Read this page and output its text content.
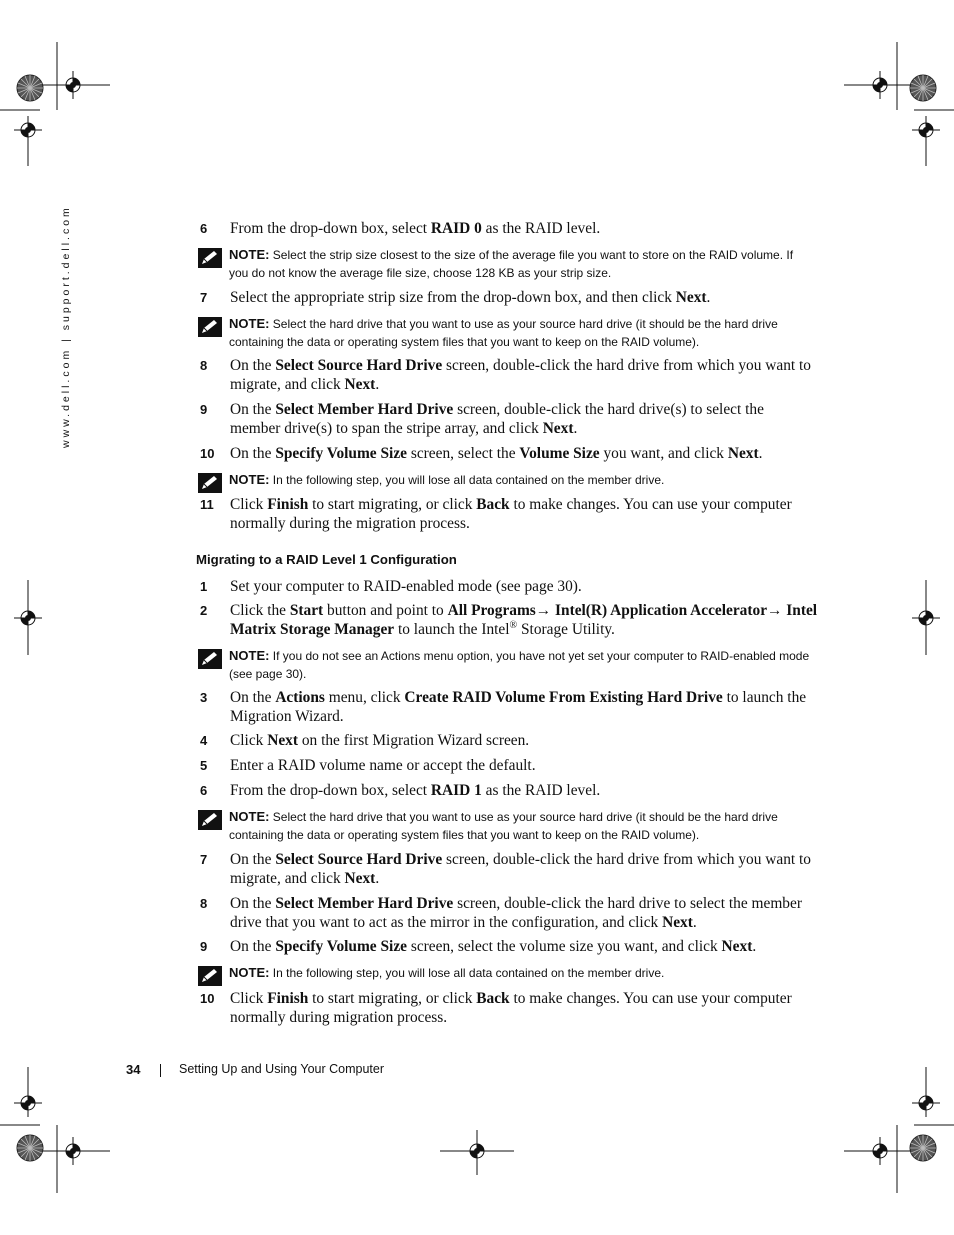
www.dell.com | support.dell.com	6	From the drop-down box, select RAID 0 as the RAID level.
NOTE: Select the strip size closest to the size of the average file you want to store on the RAID volume. If you do not know the average file size, choose 128 KB as your strip size.
7	Select the appropriate strip size from the drop-down box, and then click Next.
NOTE: Select the hard drive that you want to use as your source hard drive (it should be the hard drive containing the data or operating system files that you want to keep on the RAID volume).
8	On the Select Source Hard Drive screen, double-click the hard drive from which you want to migrate, and click Next.
9	On the Select Member Hard Drive screen, double-click the hard drive(s) to select the member drive(s) to span the stripe array, and click Next.
10	On the Specify Volume Size screen, select the Volume Size you want, and click Next.
NOTE: In the following step, you will lose all data contained on the member drive.
11	Click Finish to start migrating, or click Back to make changes. You can use your computer normally during the migration process.
Migrating to a RAID Level 1 Configuration
1	Set your computer to RAID-enabled mode (see page 30).
2	Click the Start button and point to All Programs→ Intel(R) Application Accelerator→ Intel Matrix Storage Manager to launch the Intel® Storage Utility.
NOTE: If you do not see an Actions menu option, you have not yet set your computer to RAID-enabled mode (see page 30).
3	On the Actions menu, click Create RAID Volume From Existing Hard Drive to launch the Migration Wizard.
4	Click Next on the first Migration Wizard screen.
5	Enter a RAID volume name or accept the default.
6	From the drop-down box, select RAID 1 as the RAID level.
NOTE: Select the hard drive that you want to use as your source hard drive (it should be the hard drive containing the data or operating system files that you want to keep on the RAID volume).
7	On the Select Source Hard Drive screen, double-click the hard drive from which you want to migrate, and click Next.
8	On the Select Member Hard Drive screen, double-click the hard drive to select the member drive that you want to act as the mirror in the configuration, and click Next.
9	On the Specify Volume Size screen, select the volume size you want, and click Next.
NOTE: In the following step, you will lose all data contained on the member drive.
10	Click Finish to start migrating, or click Back to make changes. You can use your computer normally during migration process.
34	Setting Up and Using Your Computer
